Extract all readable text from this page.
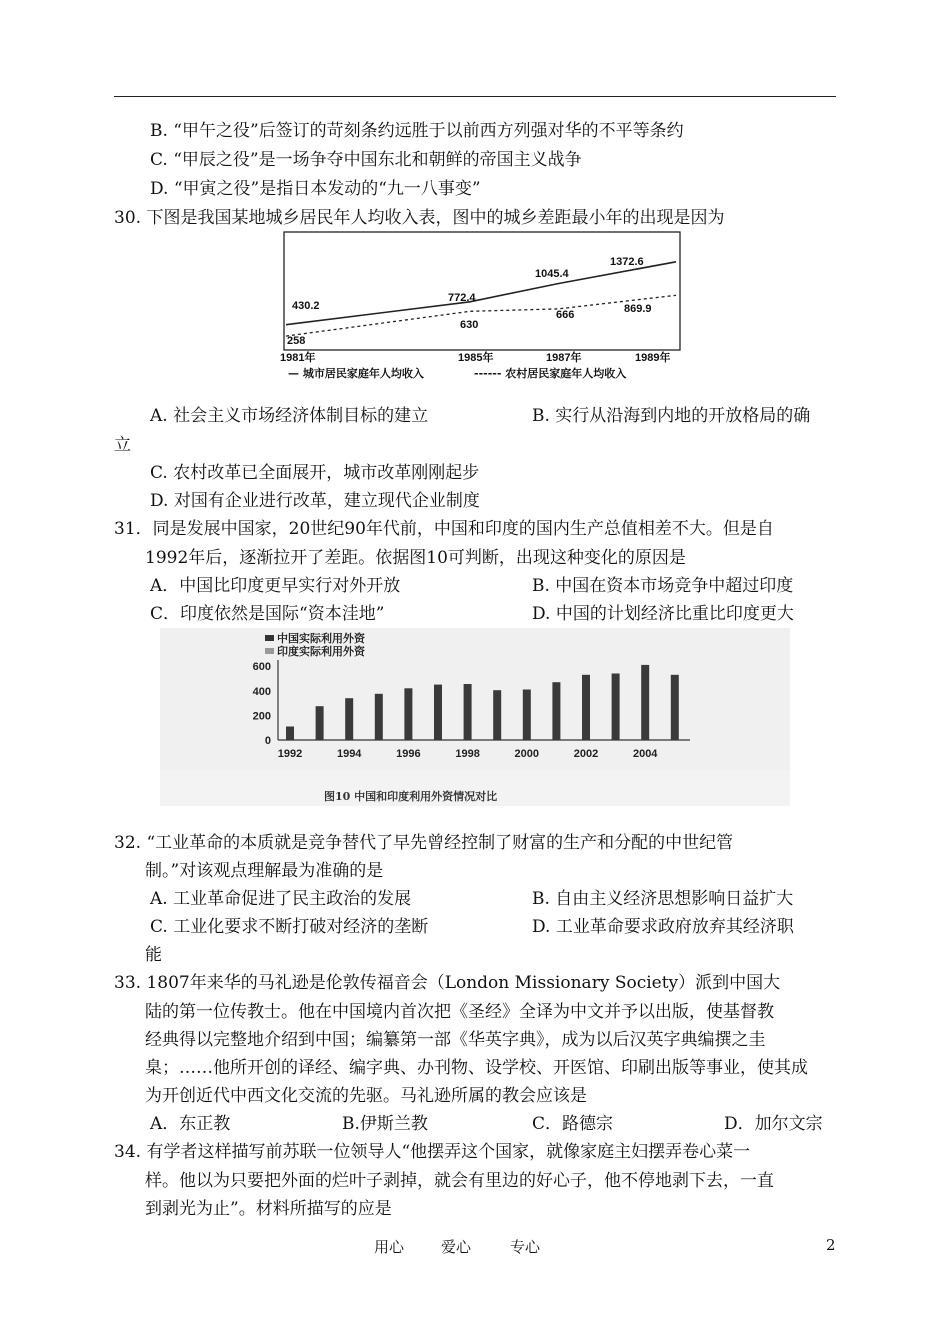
B. “甲午之役”后签订的苛刻条约远胜于以前西方列强对华的不平等条约
C. “甲辰之役”是一场争夺中国东北和朝鲜的帝国主义战争
D. “甲寅之役”是指日本发动的“九一八事变”
30. 下图是我国某地城乡居民年人均收入表，图中的城乡差距最小年的出现是因为
430.2
772.4
1045.4
1372.6
258
630
666	869.9
1981年	1985年	1987年	1989年
— 城市居民家庭年人均收入	------ 农村居民家庭年人均收入
A. 社会主义市场经济体制目标的建立	B. 实行从沿海到内地的开放格局的确
立
C. 农村改革已全面展开，城市改革刚刚起步
D. 对国有企业进行改革，建立现代企业制度
31．同是发展中国家，20世纪90年代前，中国和印度的国内生产总值相差不大。但是自
1992年后，逐渐拉开了差距。依据图10可判断，出现这种变化的原因是
A．中国比印度更早实行对外开放	B. 中国在资本市场竞争中超过印度
C．印度依然是国际“资本洼地”	D. 中国的计划经济比重比印度更大
中国实际利用外资
印度实际利用外资
0
200
400
600
1992	1994	1996	1998	2000	2002	2004
图10 中国和印度利用外资情况对比
32. “工业革命的本质就是竞争替代了早先曾经控制了财富的生产和分配的中世纪管
制。”对该观点理解最为准确的是
A. 工业革命促进了民主政治的发展	B. 自由主义经济思想影响日益扩大
C. 工业化要求不断打破对经济的垄断	D. 工业革命要求政府放弃其经济职
能
33. 1807年来华的马礼逊是伦敦传福音会（London Missionary Society）派到中国大
陆的第一位传教士。他在中国境内首次把《圣经》全译为中文并予以出版，使基督教
经典得以完整地介绍到中国；编纂第一部《华英字典》，成为以后汉英字典编撰之圭
臬；……他所开创的译经、编字典、办刊物、设学校、开医馆、印刷出版等事业，使其成
为开创近代中西文化交流的先驱。马礼逊所属的教会应该是
A．东正教	B.伊斯兰教	C．路德宗	D．加尔文宗
34. 有学者这样描写前苏联一位领导人“他摆弄这个国家，就像家庭主妇摆弄卷心菜一
样。他以为只要把外面的烂叶子剥掉，就会有里边的好心子，他不停地剥下去，一直
到剥光为止”。材料所描写的应是
用心 爱心	专心	2
